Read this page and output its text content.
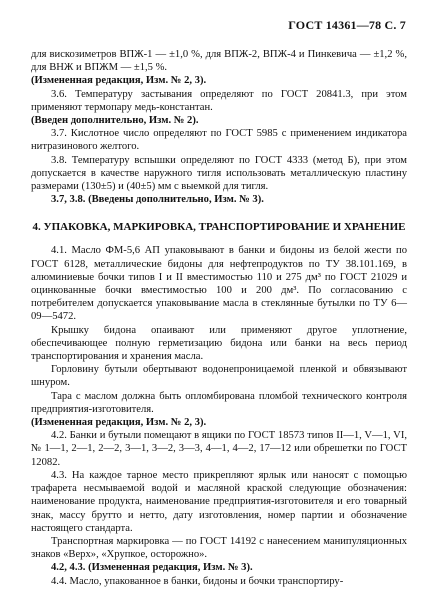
ГОСТ 14361—78 С. 7

для вискозиметров ВПЖ-1 — ±1,0 %, для ВПЖ-2, ВПЖ-4 и Пинкевича — ±1,2 %, для ВНЖ и ВПЖМ — ±1,5 %.

(Измененная редакция, Изм. № 2, 3).

3.6. Температуру застывания определяют по ГОСТ 20841.3, при этом применяют термопару медь-константан.

(Введен дополнительно, Изм. № 2).

3.7. Кислотное число определяют по ГОСТ 5985 с применением индикатора нитразинового желтого.

3.8. Температуру вспышки определяют по ГОСТ 4333 (метод Б), при этом допускается в качестве наружного тигля использовать металлическую пластину размерами (130±5) и (40±5) мм с выемкой для тигля.

3.7, 3.8. (Введены дополнительно, Изм. № 3).

4. УПАКОВКА, МАРКИРОВКА, ТРАНСПОРТИРОВАНИЕ И ХРАНЕНИЕ

4.1. Масло ФМ-5,6 АП упаковывают в банки и бидоны из белой жести по ГОСТ 6128, металлические бидоны для нефтепродуктов по ТУ 38.101.169, в алюминиевые бочки типов I и II вместимостью 110 и 275 дм³ по ГОСТ 21029 и оцинкованные бочки вместимостью 100 и 200 дм³. По согласованию с потребителем допускается упаковывание масла в стеклянные бутылки по ТУ 6—09—5472.

Крышку бидона опаивают или применяют другое уплотнение, обеспечивающее полную герметизацию бидона или банки на весь период транспортирования и хранения масла.

Горловину бутыли обертывают водонепроницаемой пленкой и обвязывают шнуром.

Тара с маслом должна быть опломбирована пломбой технического контроля предприятия-изготовителя.

(Измененная редакция, Изм. № 2, 3).

4.2. Банки и бутыли помещают в ящики по ГОСТ 18573 типов II—1, V—1, VI, № 1—1, 2—1, 2—2, 3—1, 3—2, 3—3, 4—1, 4—2, 17—12 или обрешетки по ГОСТ 12082.

4.3. На каждое тарное место прикрепляют ярлык или наносят с помощью трафарета несмываемой водой и масляной краской следующие обозначения: наименование продукта, наименование предприятия-изготовителя и его товарный знак, массу брутто и нетто, дату изготовления, номер партии и обозначение настоящего стандарта.

Транспортная маркировка — по ГОСТ 14192 с нанесением манипуляционных знаков «Верх», «Хрупкое, осторожно».

4.2, 4.3. (Измененная редакция, Изм. № 3).

4.4. Масло, упакованное в банки, бидоны и бочки транспортиру-
